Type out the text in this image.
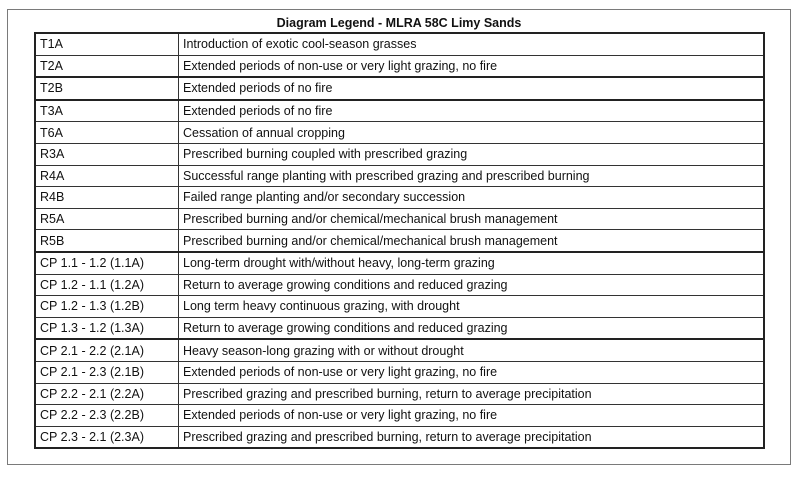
Diagram Legend - MLRA 58C Limy Sands
T1A	Introduction of exotic cool-season grasses
T2A	Extended periods of non-use or very light grazing, no fire
T2B	Extended periods of no fire
T3A	Extended periods of no fire
T6A	Cessation of annual cropping
R3A	Prescribed burning coupled with prescribed grazing
R4A	Successful range planting with prescribed grazing and prescribed burning
R4B	Failed range planting and/or secondary succession
R5A	Prescribed burning and/or chemical/mechanical brush management
R5B	Prescribed burning and/or chemical/mechanical brush management
CP 1.1 - 1.2 (1.1A)	Long-term drought with/without heavy, long-term grazing
CP 1.2 - 1.1 (1.2A)	Return to average growing conditions and reduced grazing
CP 1.2 - 1.3 (1.2B)	Long term heavy continuous grazing, with drought
CP 1.3 - 1.2 (1.3A)	Return to average growing conditions and reduced grazing
CP 2.1 - 2.2 (2.1A)	Heavy season-long grazing with or without drought
CP 2.1 - 2.3 (2.1B)	Extended periods of non-use or very light grazing, no fire
CP 2.2 - 2.1 (2.2A)	Prescribed grazing and prescribed burning, return to average precipitation
CP 2.2 - 2.3 (2.2B)	Extended periods of non-use or very light grazing, no fire
CP 2.3 - 2.1 (2.3A)	Prescribed grazing and prescribed burning, return to average precipitation
